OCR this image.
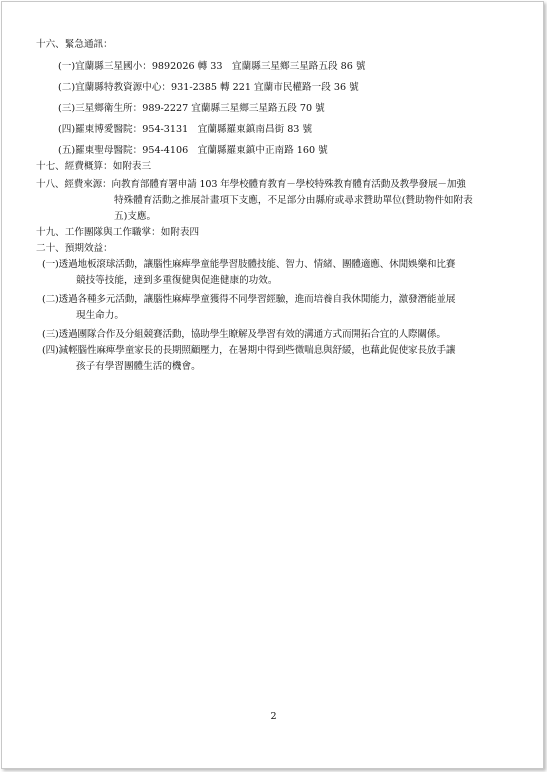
十六、緊急通訊：
(一)宜蘭縣三星國小：9892026 轉 33　宜蘭縣三星鄉三星路五段 86 號
(二)宜蘭縣特教資源中心：931-2385 轉 221 宜蘭市民權路一段 36 號
(三)三星鄉衛生所：989-2227 宜蘭縣三星鄉三星路五段 70 號
(四)羅東博愛醫院：954-3131　宜蘭縣羅東鎮南昌街 83 號
(五)羅東聖母醫院：954-4106　宜蘭縣羅東鎮中正南路 160 號
十七、經費概算：如附表三
十八、經費來源：向教育部體育署申請 103 年學校體育教育－學校特殊教育體育活動及教學發展－加強
特殊體育活動之推展計畫項下支應，不足部分由縣府或尋求贊助單位(贊助物件如附表
五)支應。
十九、工作團隊與工作職掌：如附表四
二十、預期效益：
(一)透過地板滾球活動，讓腦性麻痺學童能學習肢體技能、智力、情緒、團體適應、休閒娛樂和比賽
競技等技能，達到多重復健與促進健康的功效。
(二)透過各種多元活動，讓腦性麻痺學童獲得不同學習經驗，進而培養自我休閒能力，激發潛能並展
現生命力。
(三)透過團隊合作及分組競賽活動，協助學生瞭解及學習有效的溝通方式而開拓合宜的人際關係。
(四)減輕腦性麻痺學童家長的長期照顧壓力，在暑期中得到些微喘息與舒緩，也藉此促使家長放手讓
孩子有學習團體生活的機會。
2
